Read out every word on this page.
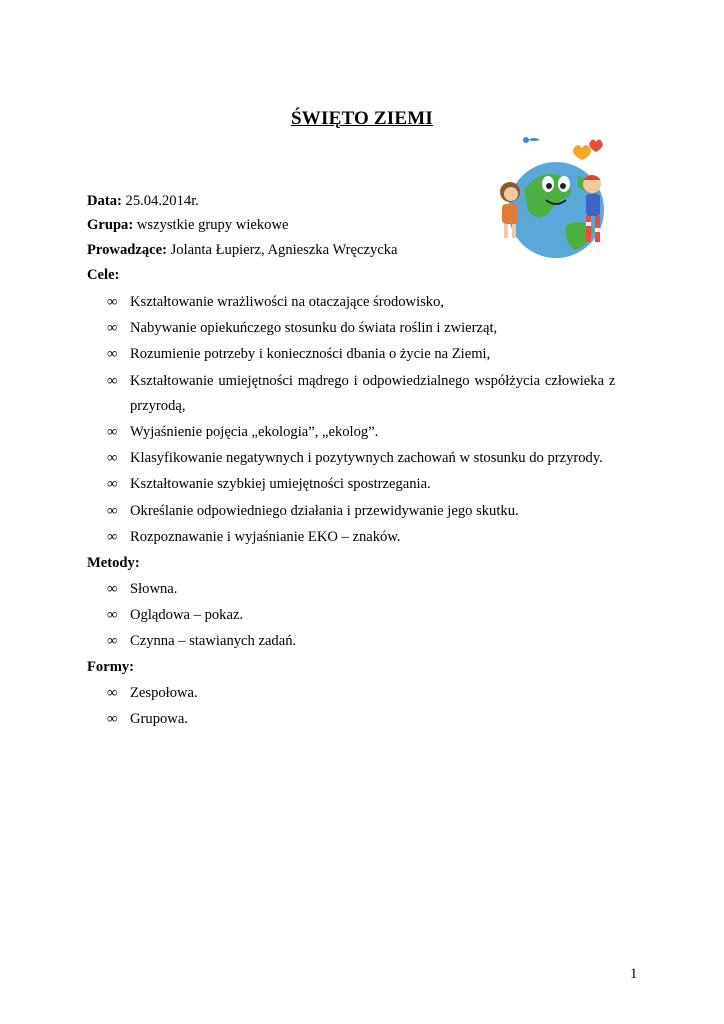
ŚWIĘTO ZIEMI
Data: 25.04.2014r.
Grupa: wszystkie grupy wiekowe
Prowadzące: Jolanta Łupierz, Agnieszka Wręczycka
Cele:
∞ Kształtowanie wrażliwości na otaczające środowisko,
∞ Nabywanie opiekuńczego stosunku do świata roślin i zwierząt,
∞ Rozumienie potrzeby i konieczności dbania o życie na Ziemi,
∞ Kształtowanie umiejętności mądrego i odpowiedzialnego współżycia człowieka z
przyrodą,
∞ Wyjaśnienie pojęcia „ekologia”, „ekolog”.
∞ Klasyfikowanie negatywnych i pozytywnych zachowań w stosunku do przyrody.
∞ Kształtowanie szybkiej umiejętności spostrzegania.
∞ Określanie odpowiedniego działania i przewidywanie jego skutku.
∞ Rozpoznawanie i wyjaśnianie EKO – znaków.
Metody:
∞ Słowna.
∞ Oglądowa – pokaz.
∞ Czynna – stawianych zadań.
Formy:
∞ Zespołowa.
∞ Grupowa.
1
